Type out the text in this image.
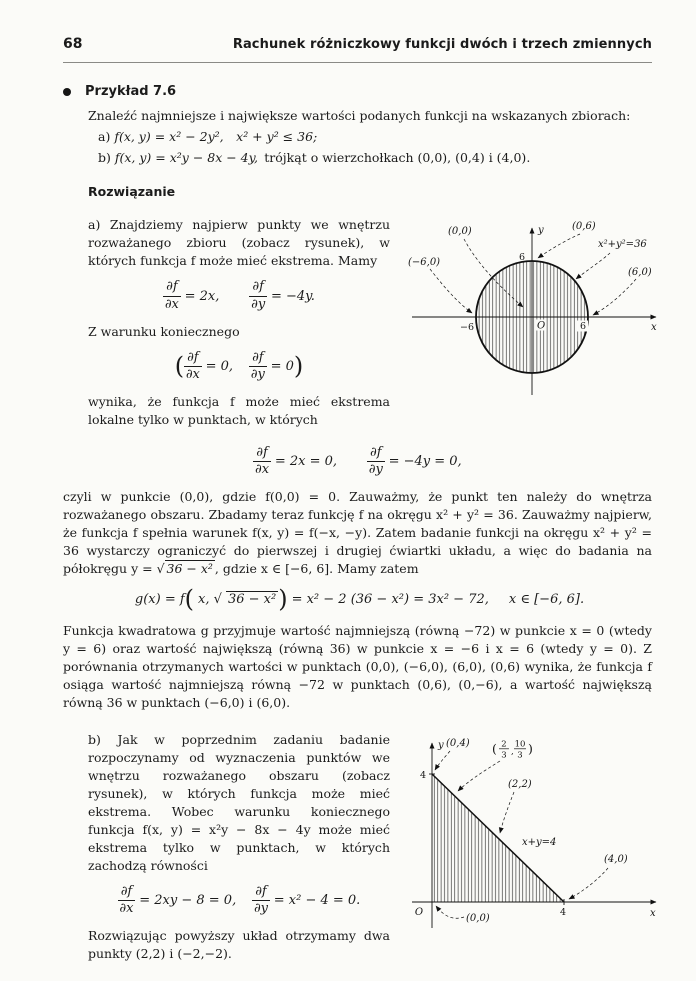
68	Rachunek różniczkowy funkcji dwóch i trzech zmiennych
Przykład 7.6

Znaleźć najmniejsze i największe wartości podanych funkcji na wskazanych zbiorach:

a) f(x, y) = x² − 2y², x² + y² ≤ 36;

b) f(x, y) = x²y − 8x − 4y, trójkąt o wierzchołkach (0,0), (0,4) i (4,0).

Rozwiązanie

a) Znajdziemy najpierw punkty we wnętrzu rozważanego zbioru (zobacz rysunek), w których funkcja f może mieć ekstrema. Mamy

$\frac{\partial f}{\partial x} = 2x$, $\frac{\partial f}{\partial y} = -4y$.

Z warunku koniecznego

( $\frac{\partial f}{\partial x} = 0$, $\frac{\partial f}{\partial y} = 0$)

wynika, że funkcja f może mieć ekstrema lokalne tylko w punktach, w których

(0,0)	(0,6)
x²+y²=36
(−6,0)
(6,0)
−6	6
6
O	x
y
$\frac{\partial f}{\partial x} = 2x = 0$, $\frac{\partial f}{\partial y} = -4y = 0$,

czyli w punkcie (0,0), gdzie f(0,0) = 0. Zauważmy, że punkt ten należy do wnętrza rozważanego obszaru. Zbadamy teraz funkcję f na okręgu x² + y² = 36. Zauważmy najpierw, że funkcja f spełnia warunek f(x, y) = f(−x, −y). Zatem badanie funkcji na okręgu x² + y² = 36 wystarczy ograniczyć do pierwszej i drugiej ćwiartki układu, a więc do badania na półokręgu y = √ 36 − x² , gdzie x ∈ [−6, 6]. Mamy zatem

g(x) = f( x, √ 36 − x²) = x² − 2 (36 − x²) = 3x² − 72, x ∈ [−6, 6].

Funkcja kwadratowa g przyjmuje wartość najmniejszą (równą −72) w punkcie x = 0 (wtedy y = 6) oraz wartość największą (równą 36) w punkcie x = −6 i x = 6 (wtedy y = 0). Z porównania otrzymanych wartości w punktach (0,0), (−6,0), (6,0), (0,6) wynika, że funkcja f osiąga wartość najmniejszą równą −72 w punktach (0,6), (0,−6), a wartość największą równą 36 w punktach (−6,0) i (6,0).

b) Jak w poprzednim zadaniu badanie rozpoczynamy od wyznaczenia punktów we wnętrzu rozważanego obszaru (zobacz rysunek), w których funkcja może mieć ekstrema. Wobec warunku koniecznego funkcja f(x, y) = x²y − 8x − 4y może mieć ekstrema tylko w punktach, w których zachodzą równości

$\frac{\partial f}{\partial x} = 2xy - 8 = 0$, $\frac{\partial f}{\partial y} = x^2 - 4 = 0$.

Rozwiązując powyższy układ otrzymamy dwa punkty (2,2) i (−2,−2).

(0,4) ( 2
3 ,
10
3 )
(2,2)
x+y=4
(4,0)
(0,0)
4
4
O	x
y
